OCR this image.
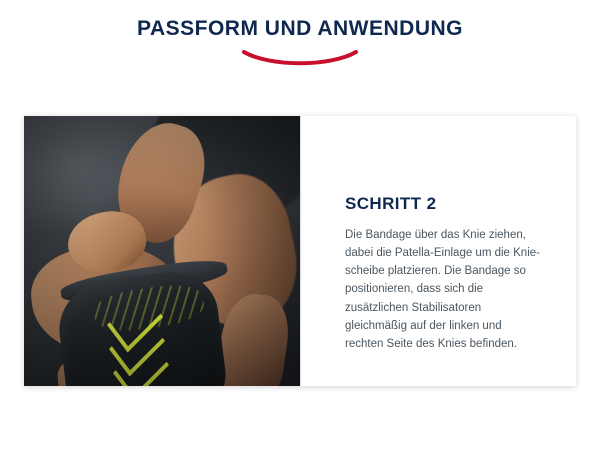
PASSFORM UND ANWENDUNG
SCHRITT 2

Die Bandage über das Knie ziehen, dabei die Patella-Einlage um die Kniescheibe platzieren. Die Bandage so positionieren, dass sich die zusätzlichen Stabilisatoren gleichmäßig auf der linken und rechten Seite des Knies befinden.
